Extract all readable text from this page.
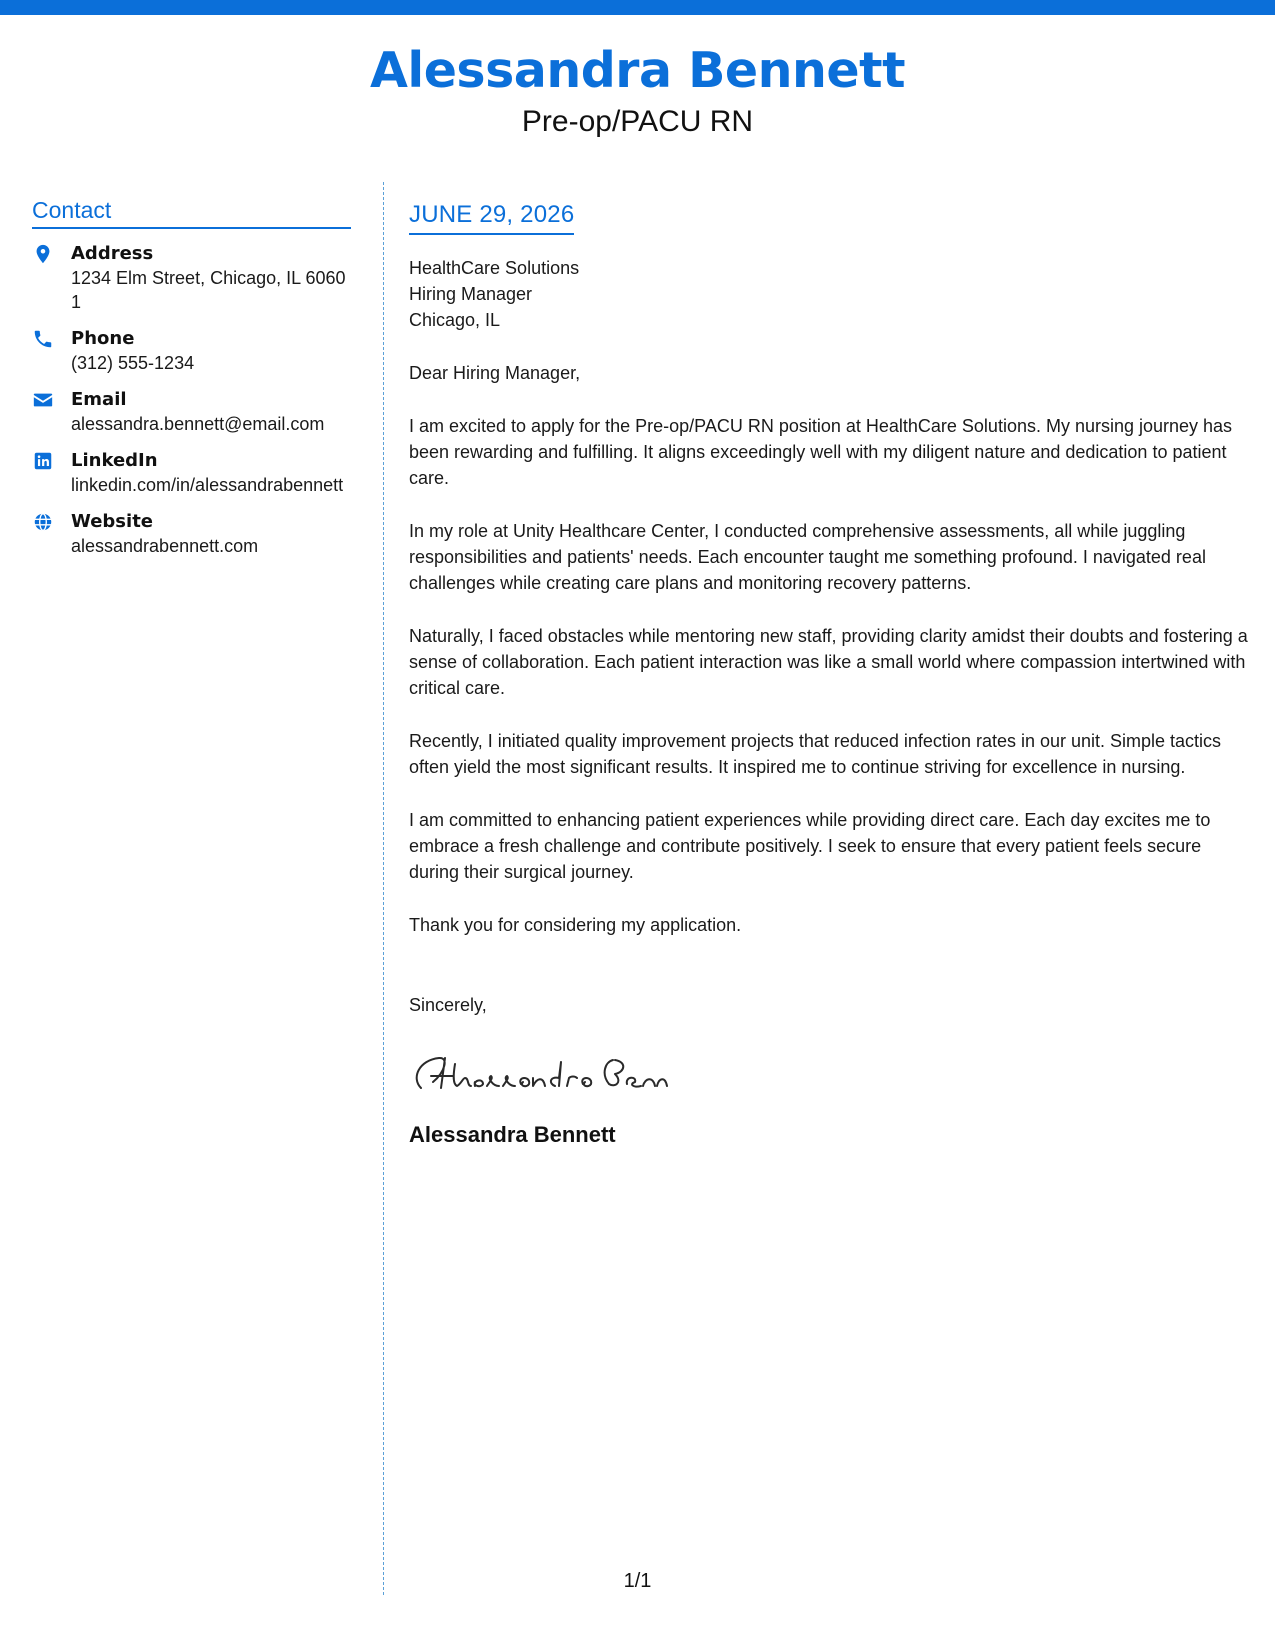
Alessandra Bennett
Pre-op/PACU RN
Contact
Address
1234 Elm Street, Chicago, IL 60601
Phone
(312) 555-1234
Email
alessandra.bennett@email.com
LinkedIn
linkedin.com/in/alessandrabennett
Website
alessandrabennett.com
JUNE 29, 2026
HealthCare Solutions
Hiring Manager
Chicago, IL
Dear Hiring Manager,
I am excited to apply for the Pre-op/PACU RN position at HealthCare Solutions. My nursing journey has been rewarding and fulfilling. It aligns exceedingly well with my diligent nature and dedication to patient care.
In my role at Unity Healthcare Center, I conducted comprehensive assessments, all while juggling responsibilities and patients' needs. Each encounter taught me something profound. I navigated real challenges while creating care plans and monitoring recovery patterns.
Naturally, I faced obstacles while mentoring new staff, providing clarity amidst their doubts and fostering a sense of collaboration. Each patient interaction was like a small world where compassion intertwined with critical care.
Recently, I initiated quality improvement projects that reduced infection rates in our unit. Simple tactics often yield the most significant results. It inspired me to continue striving for excellence in nursing.
I am committed to enhancing patient experiences while providing direct care. Each day excites me to embrace a fresh challenge and contribute positively. I seek to ensure that every patient feels secure during their surgical journey.
Thank you for considering my application.
Sincerely,
Alessandra Bennett
1/1
